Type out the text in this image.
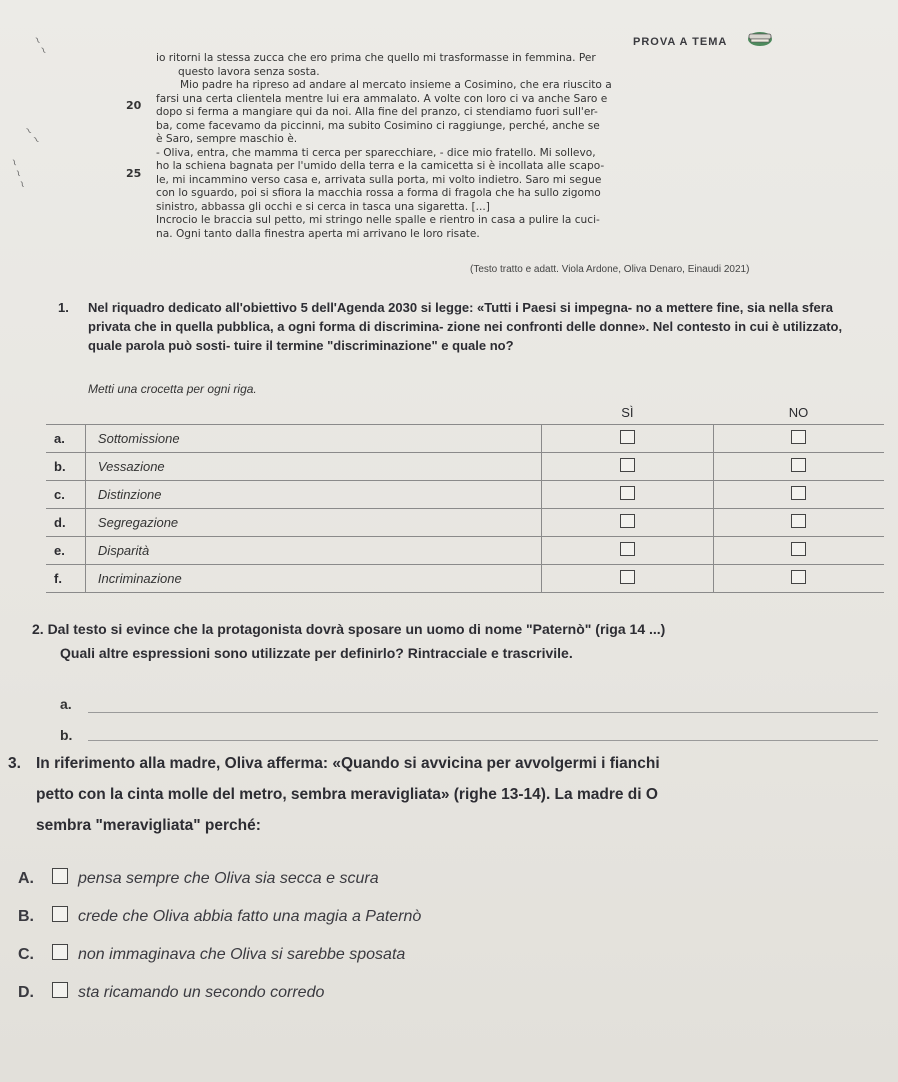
PROVA A TEMA
~ ~
~ ~
~ ~ ~
20
25
io ritorni la stessa zucca che ero prima che quello mi trasformasse in femmina. Per
questo lavora senza sosta.
Mio padre ha ripreso ad andare al mercato insieme a Cosimino, che era riuscito a
farsi una certa clientela mentre lui era ammalato. A volte con loro ci va anche Saro e
dopo si ferma a mangiare qui da noi. Alla fine del pranzo, ci stendiamo fuori sull'er-
ba, come facevamo da piccinni, ma subito Cosimino ci raggiunge, perché, anche se
è Saro, sempre maschio è.
- Oliva, entra, che mamma ti cerca per sparecchiare, - dice mio fratello. Mi sollevo,
ho la schiena bagnata per l'umido della terra e la camicetta si è incollata alle scapo-
le, mi incammino verso casa e, arrivata sulla porta, mi volto indietro. Saro mi segue
con lo sguardo, poi si sfiora la macchia rossa a forma di fragola che ha sullo zigomo
sinistro, abbassa gli occhi e si cerca in tasca una sigaretta. [...]
Incrocio le braccia sul petto, mi stringo nelle spalle e rientro in casa a pulire la cuci-
na. Ogni tanto dalla finestra aperta mi arrivano le loro risate.
(Testo tratto e adatt. Viola Ardone, Oliva Denaro, Einaudi 2021)
1. Nel riquadro dedicato all'obiettivo 5 dell'Agenda 2030 si legge: «Tutti i Paesi si impegna- no a mettere fine, sia nella sfera privata che in quella pubblica, a ogni forma di discrimina- zione nei confronti delle donne». Nel contesto in cui è utilizzato, quale parola può sosti- tuire il termine "discriminazione" e quale no?
Metti una crocetta per ogni riga.
		SÌ	NO
a.	Sottomissione		
b.	Vessazione		
c.	Distinzione		
d.	Segregazione		
e.	Disparità		
f.	Incriminazione		
2. Dal testo si evince che la protagonista dovrà sposare un uomo di nome "Paternò" (riga 14 ...)
Quali altre espressioni sono utilizzate per definirlo? Rintracciale e trascrivile.
a.
b.
3. In riferimento alla madre, Oliva afferma: «Quando si avvicina per avvolgermi i fianchi
petto con la cinta molle del metro, sembra meravigliata» (righe 13-14). La madre di O
sembra "meravigliata" perché:
A.	pensa sempre che Oliva sia secca e scura
B.	crede che Oliva abbia fatto una magia a Paternò
C.	non immaginava che Oliva si sarebbe sposata
D.	sta ricamando un secondo corredo
